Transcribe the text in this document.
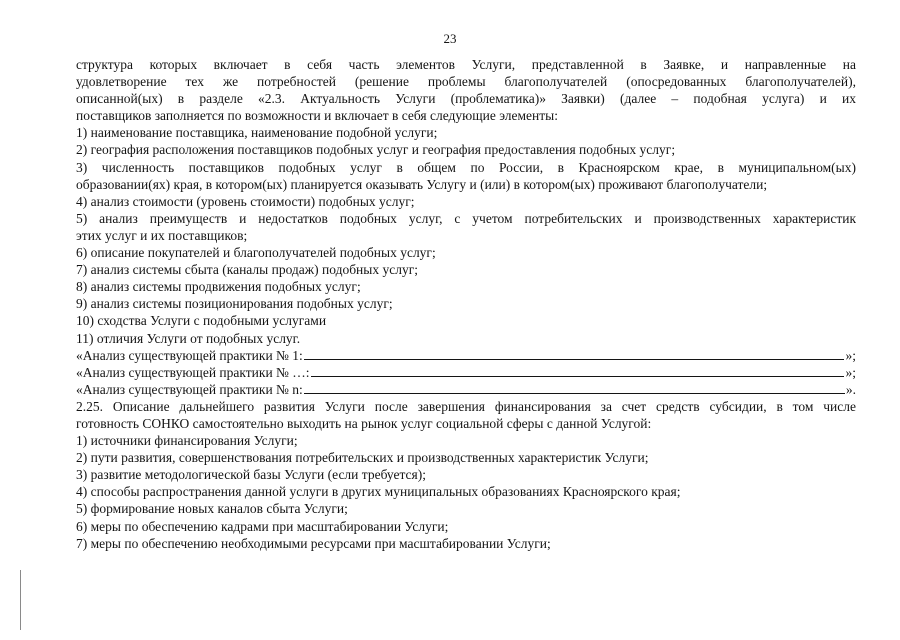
23
структура которых включает в себя часть элементов Услуги, представленной в Заявке, и направленные на
удовлетворение тех же потребностей (решение проблемы благополучателей (опосредованных благополучателей),
описанной(ых) в разделе «2.3. Актуальность Услуги (проблематика)» Заявки) (далее – подобная услуга) и их
поставщиков заполняется по возможности и включает в себя следующие элементы:
1) наименование поставщика, наименование подобной услуги;
2) география расположения поставщиков подобных услуг и география предоставления подобных услуг;
3) численность поставщиков подобных услуг в общем по России, в Красноярском крае, в муниципальном(ых)
образовании(ях) края, в котором(ых) планируется оказывать Услугу и (или) в котором(ых) проживают благополучатели;
4) анализ стоимости (уровень стоимости) подобных услуг;
5) анализ преимуществ и недостатков подобных услуг, с учетом потребительских и производственных характеристик
этих услуг и их поставщиков;
6) описание покупателей и благополучателей подобных услуг;
7) анализ системы сбыта (каналы продаж) подобных услуг;
8) анализ системы продвижения подобных услуг;
9) анализ системы позиционирования подобных услуг;
10) сходства Услуги с подобными услугами
11) отличия Услуги от подобных услуг.
«Анализ существующей практики № 1:	»;
«Анализ существующей практики № …:	»;
«Анализ существующей практики № n:	».
2.25. Описание дальнейшего развития Услуги после завершения финансирования за счет средств субсидии, в том числе
готовность СОНКО самостоятельно выходить на рынок услуг социальной сферы с данной Услугой:
1) источники финансирования Услуги;
2) пути развития, совершенствования потребительских и производственных характеристик Услуги;
3) развитие методологической базы Услуги (если требуется);
4) способы распространения данной услуги в других муниципальных образованиях Красноярского края;
5) формирование новых каналов сбыта Услуги;
6) меры по обеспечению кадрами при масштабировании Услуги;
7) меры по обеспечению необходимыми ресурсами при масштабировании Услуги;
